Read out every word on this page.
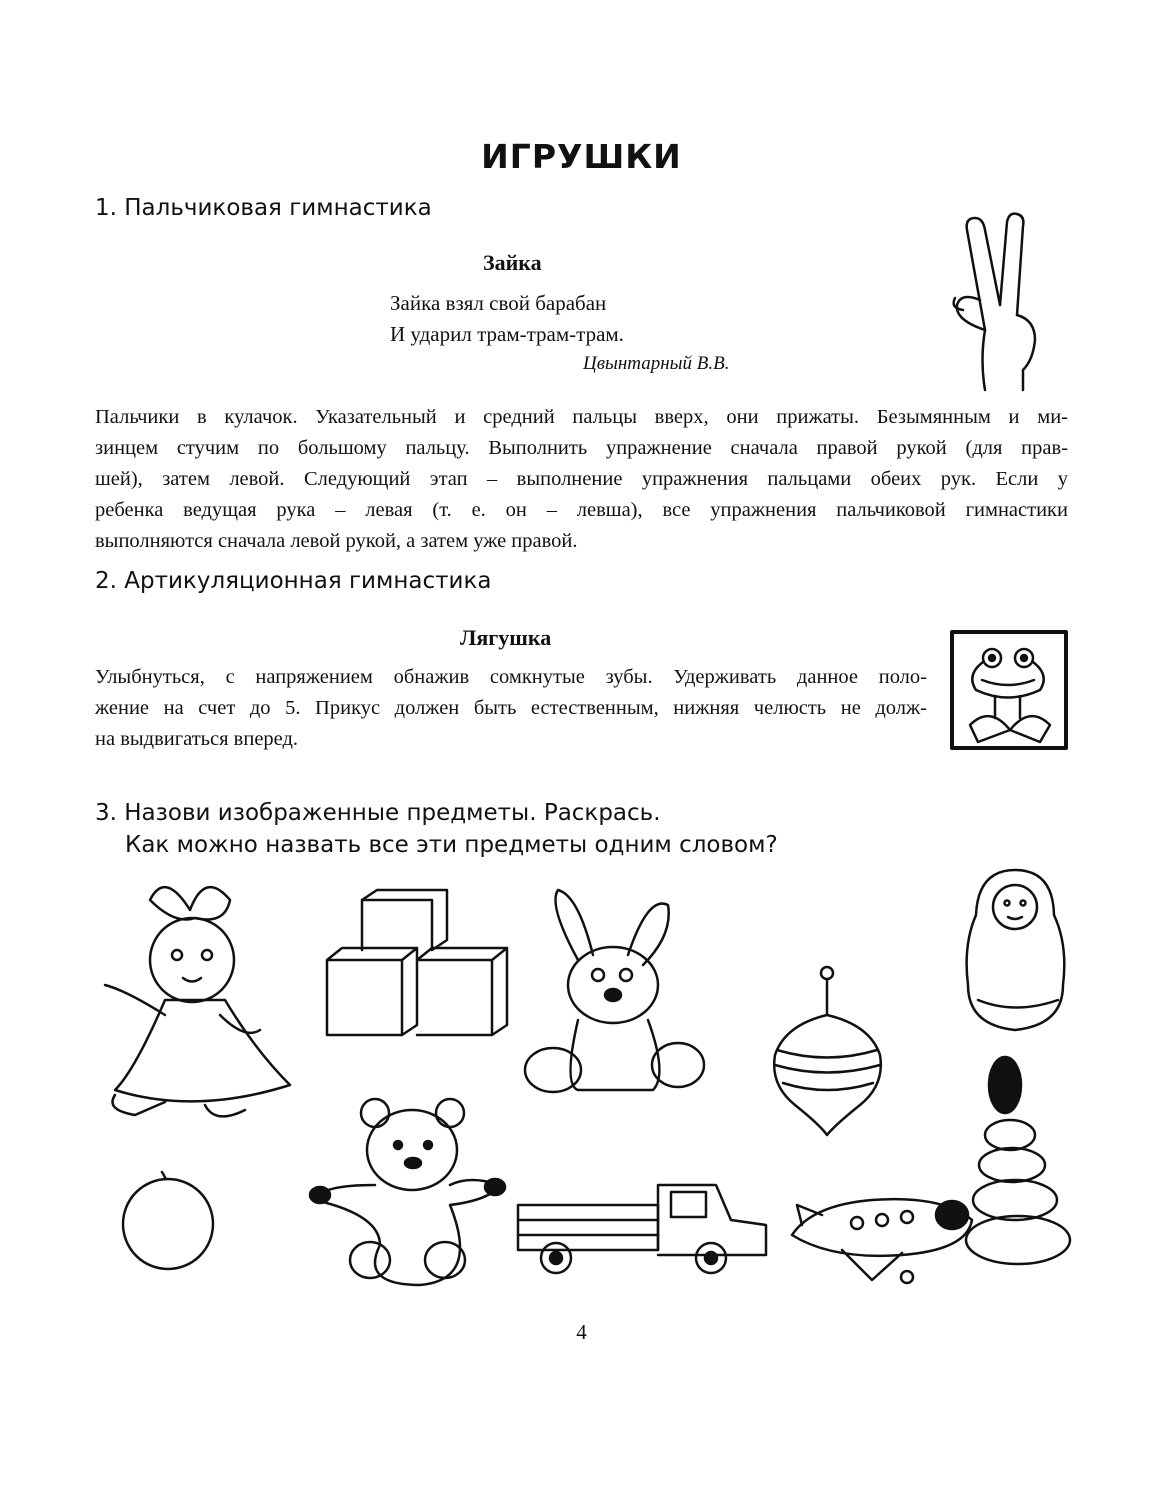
ИГРУШКИ
1. Пальчиковая гимнастика
Зайка
Зайка взял свой барабан
И ударил трам-трам-трам.
Цвынтарный В.В.
Пальчики в кулачок. Указательный и средний пальцы вверх, они прижаты. Безымянным и ми-
зинцем стучим по большому пальцу. Выполнить упражнение сначала правой рукой (для прав-
шей), затем левой. Следующий этап – выполнение упражнения пальцами обеих рук. Если у
ребенка ведущая рука – левая (т. е. он – левша), все упражнения пальчиковой гимнастики
выполняются сначала левой рукой, а затем уже правой.
2. Артикуляционная гимнастика
Лягушка
Улыбнуться, с напряжением обнажив сомкнутые зубы. Удерживать данное поло-
жение на счет до 5. Прикус должен быть естественным, нижняя челюсть не долж-
на выдвигаться вперед.
3. Назови изображенные предметы. Раскрась.
Как можно назвать все эти предметы одним словом?
4
